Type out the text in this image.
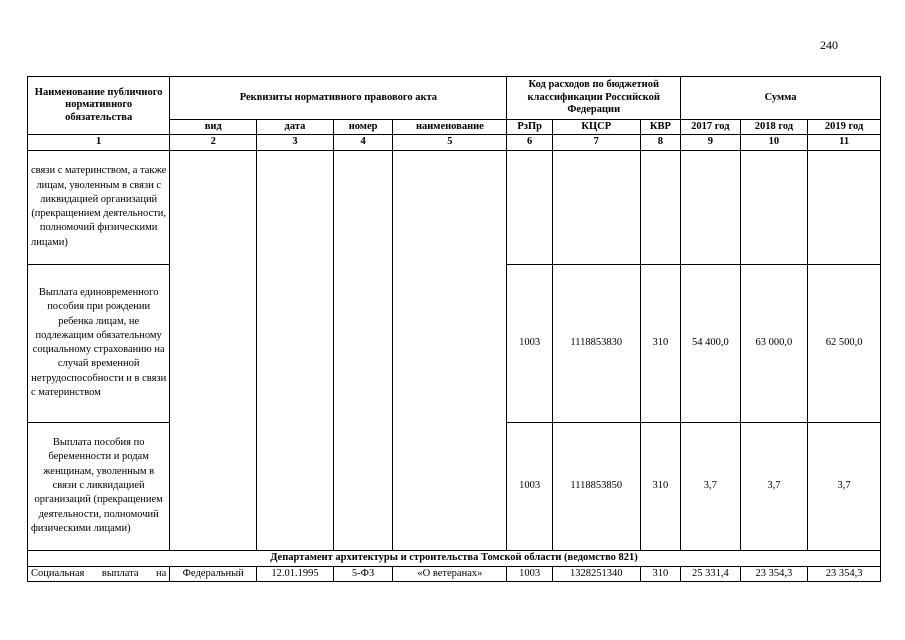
240
Наименование публичного нормативного обязательства	Реквизиты нормативного правового акта				Код расходов по бюджетной классификации Российской Федерации			Сумма		
	вид	дата	номер	наименование	РзПр	КЦСР	КВР	2017 год	2018 год	2019 год
1	2	3	4	5	6	7	8	9	10	11
связи с материнством, а также лицам, уволенным в связи с ликвидацией организаций (прекращением деятельности, полномочий физическими лицами)										
Выплата единовременного пособия при рождении ребенка лицам, не подлежащим обязательному социальному страхованию на случай временной нетрудоспособности и в связи с материнством					1003	1118853830	310	54 400,0	63 000,0	62 500,0
Выплата пособия по беременности и родам женщинам, уволенным в связи с ликвидацией организаций (прекращением деятельности, полномочий физическими лицами)					1003	1118853850	310	3,7	3,7	3,7
Департамент архитектуры и строительства Томской области (ведомство 821)										
Социальная выплата на	Федеральный	12.01.1995	5-ФЗ	«О ветеранах»	1003	1328251340	310	25 331,4	23 354,3	23 354,3
